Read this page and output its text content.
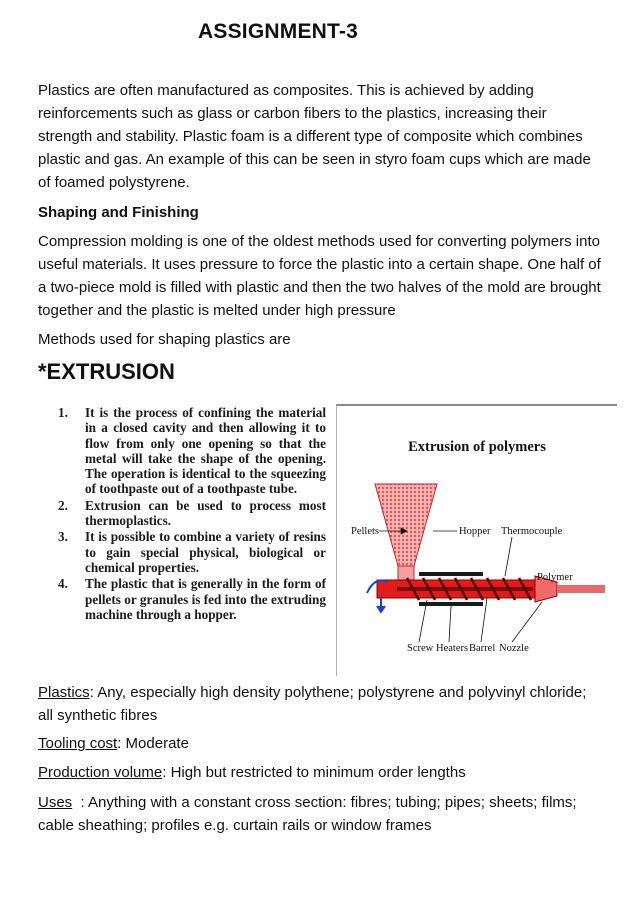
ASSIGNMENT-3

Plastics are often manufactured as composites. This is achieved by adding reinforcements such as glass or carbon fibers to the plastics, increasing their strength and stability. Plastic foam is a different type of composite which combines plastic and gas. An example of this can be seen in styro foam cups which are made of foamed polystyrene.

Shaping and Finishing

Compression molding is one of the oldest methods used for converting polymers into useful materials. It uses pressure to force the plastic into a certain shape. One half of a two-piece mold is filled with plastic and then the two halves of the mold are brought together and the plastic is melted under high pressure

Methods used for shaping plastics are

*EXTRUSION

1. It is the process of confining the material in a closed cavity and then allowing it to flow from only one opening so that the metal will take the shape of the opening. The operation is identical to the squeezing of toothpaste out of a toothpaste tube.
2. Extrusion can be used to process most thermoplastics.
3. It is possible to combine a variety of resins to gain special physical, biological or chemical properties.
4. The plastic that is generally in the form of pellets or granules is fed into the extruding machine through a hopper.
Extrusion of polymers
Pellets	Hopper Thermocouple
Polymer
Screw Heaters Barrel Nozzle

Plastics: Any, especially high density polythene; polystyrene and polyvinyl chloride; all synthetic fibres

Tooling cost: Moderate

Production volume: High but restricted to minimum order lengths

Uses  : Anything with a constant cross section: fibres; tubing; pipes; sheets; films; cable sheathing; profiles e.g. curtain rails or window frames
